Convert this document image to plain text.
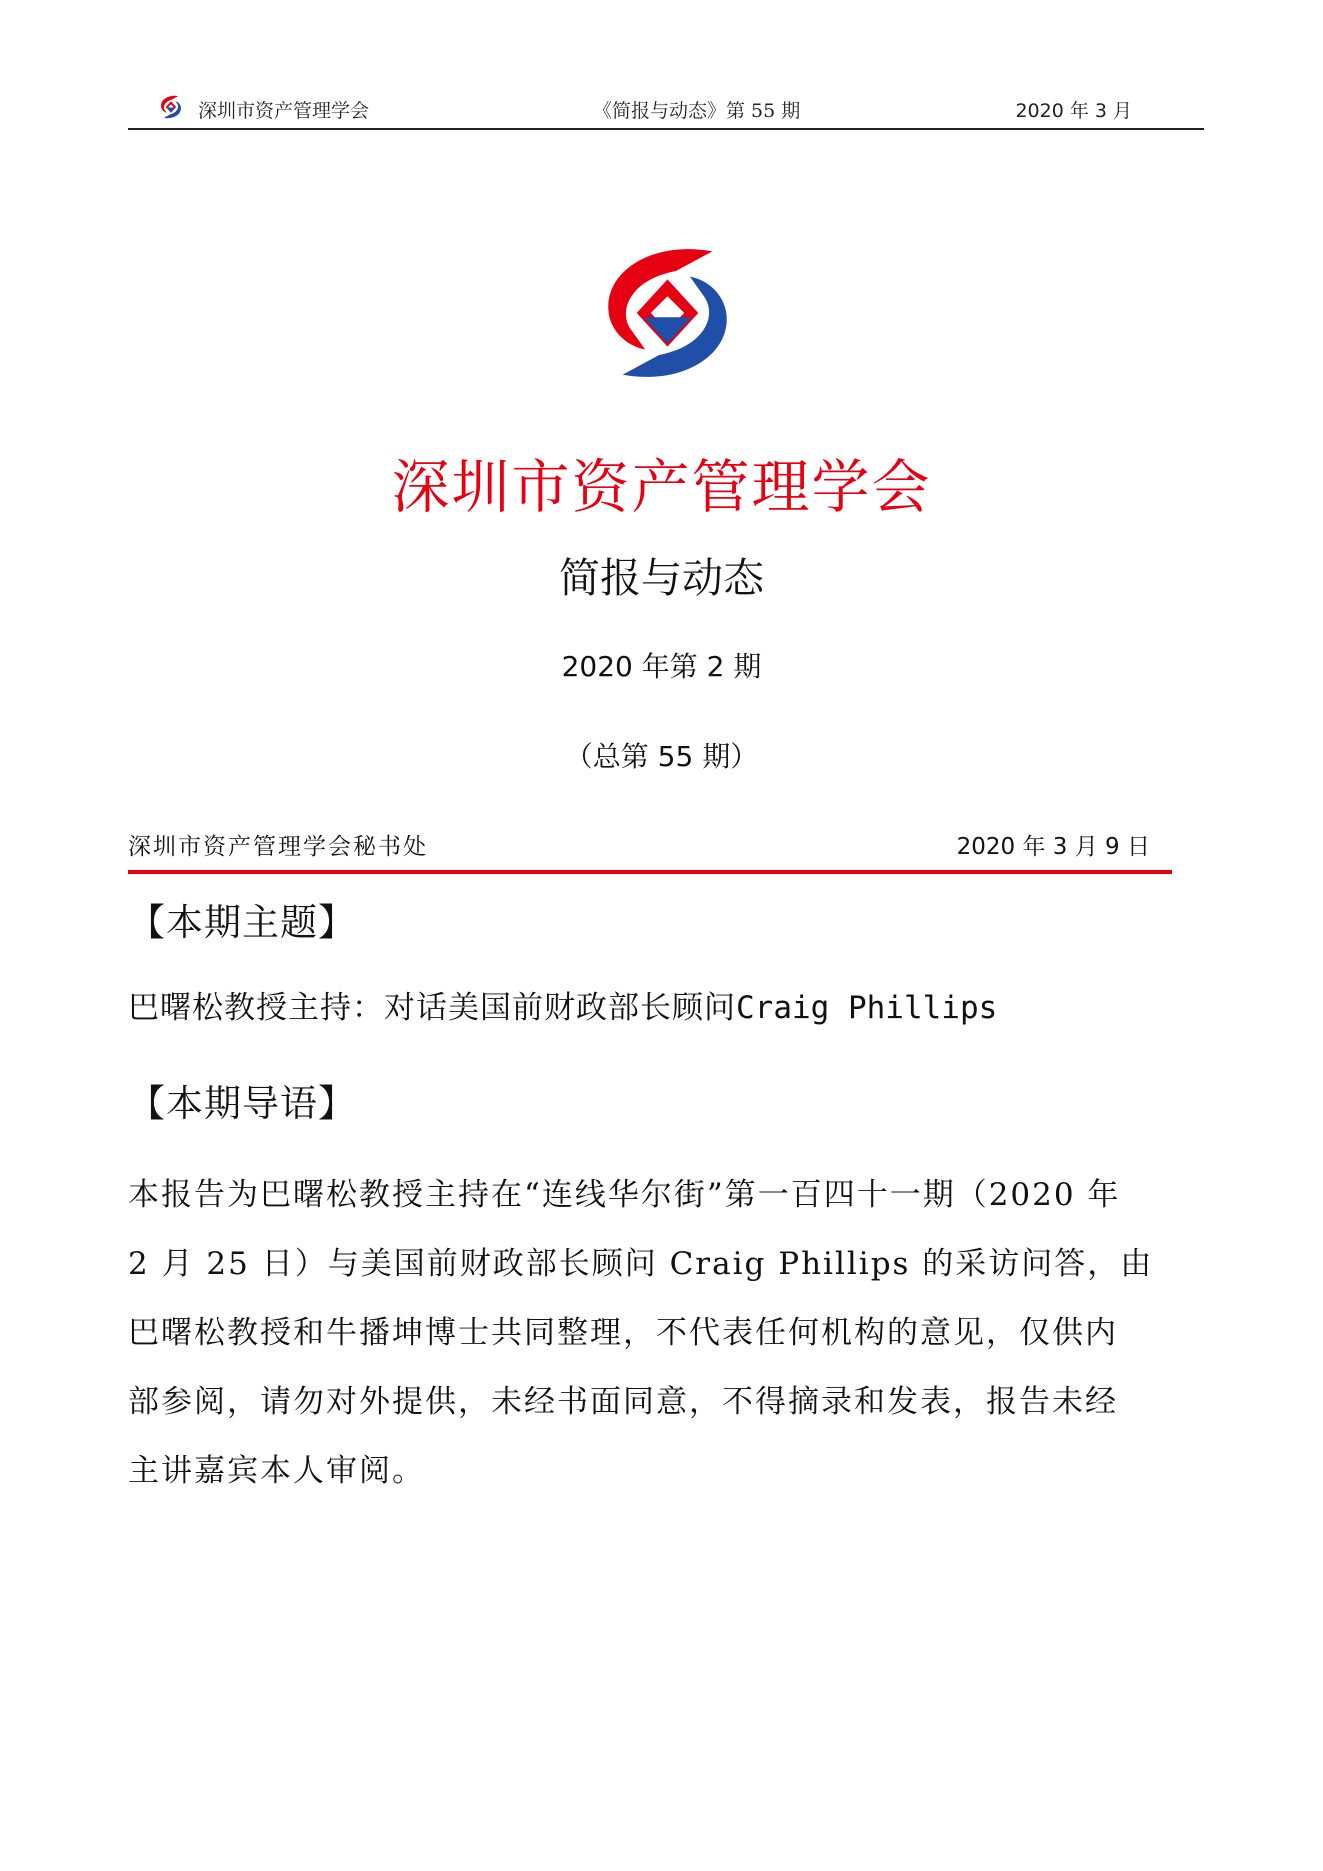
深圳市资产管理学会	《简报与动态》第 55 期	2020 年 3 月
深圳市资产管理学会
简报与动态
2020 年第 2 期
（总第 55 期）
深圳市资产管理学会秘书处	2020 年 3 月 9 日
【本期主题】
巴曙松教授主持：对话美国前财政部长顾问Craig Phillips
【本期导语】

本报告为巴曙松教授主持在“连线华尔街”第一百四十一期（2020 年

2 月 25 日）与美国前财政部长顾问 Craig Phillips 的采访问答，由

巴曙松教授和牛播坤博士共同整理，不代表任何机构的意见，仅供内

部参阅，请勿对外提供，未经书面同意，不得摘录和发表，报告未经

主讲嘉宾本人审阅。
